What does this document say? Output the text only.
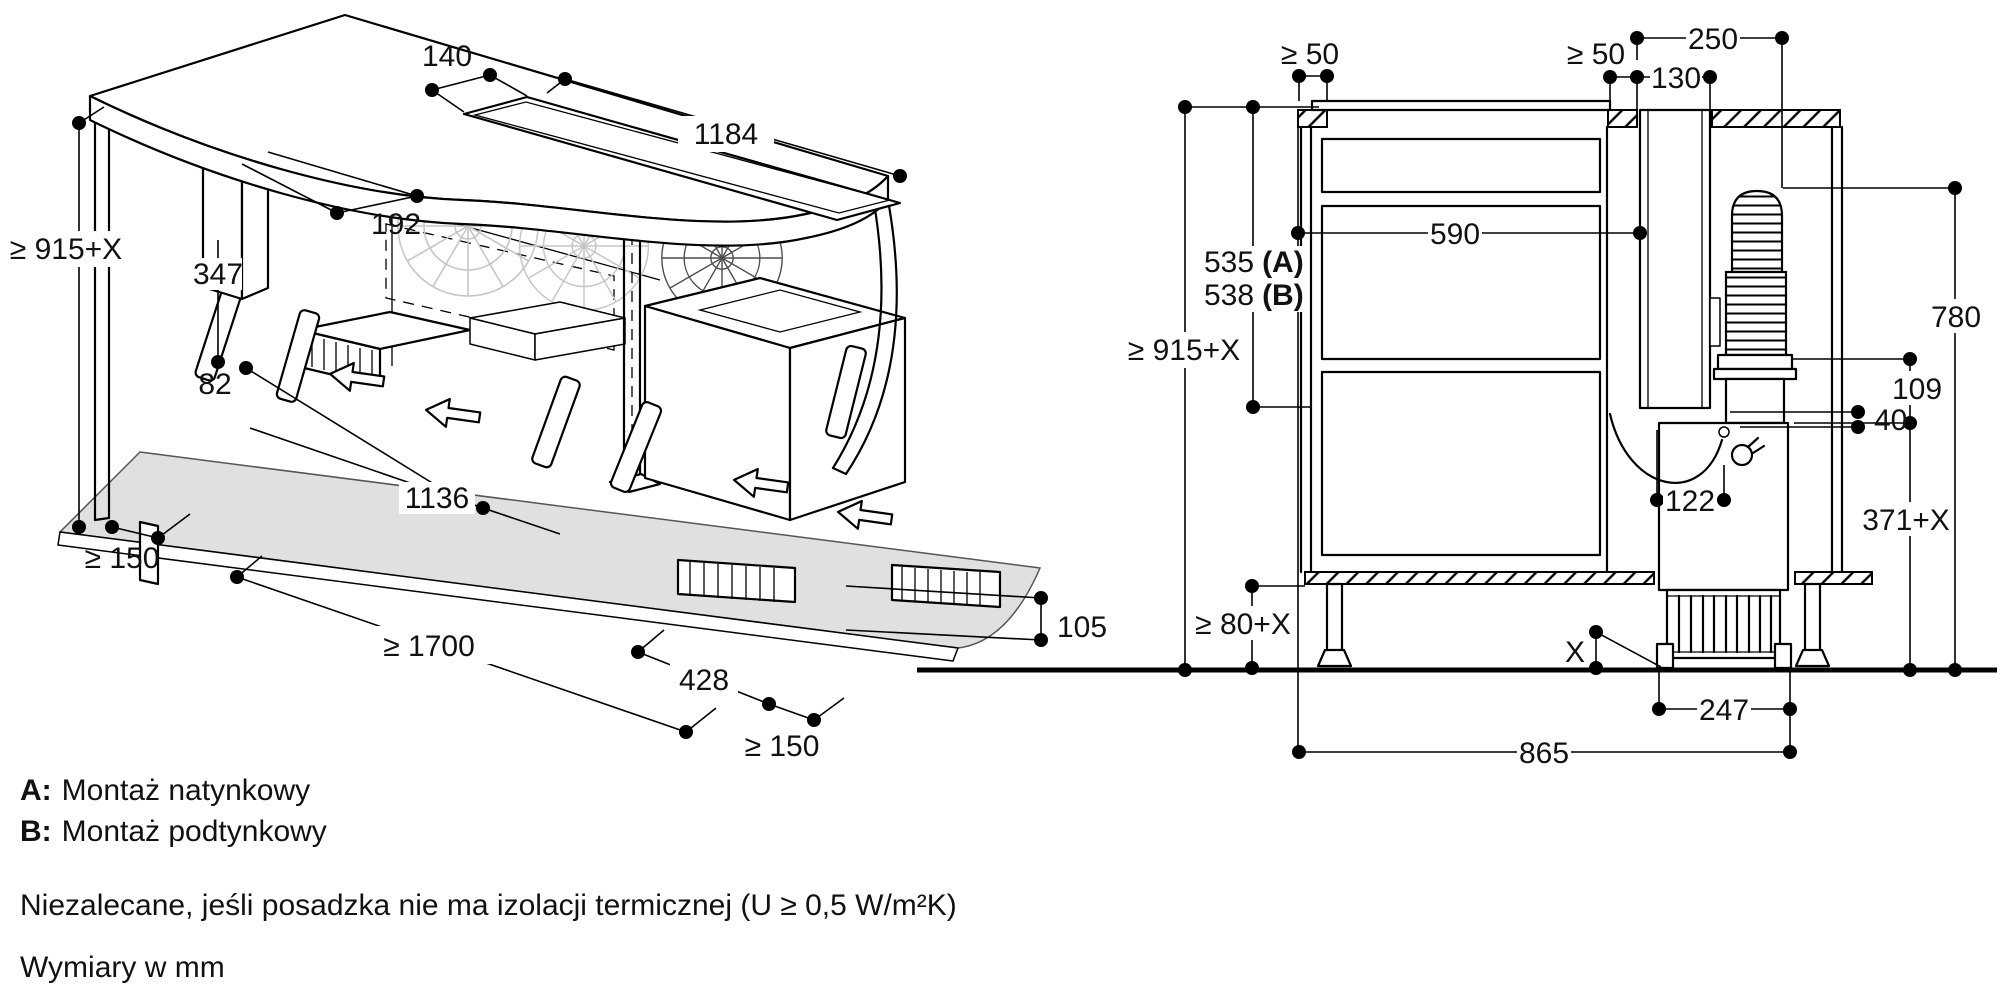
140
1184
192
347
82
≥ 915+X
≥ 150
1136
≥ 1700
428
≥ 150
105
≥ 50	≥ 50
130
250
590
535 (A)
538 (B)
≥ 915+X
780
109
40
371+X
122
≥ 80+X
X
247
865
A: Montaż natynkowy
B: Montaż podtynkowy
Niezalecane, jeśli posadzka nie ma izolacji termicznej (U ≥ 0,5 W/m²K)
Wymiary w mm
